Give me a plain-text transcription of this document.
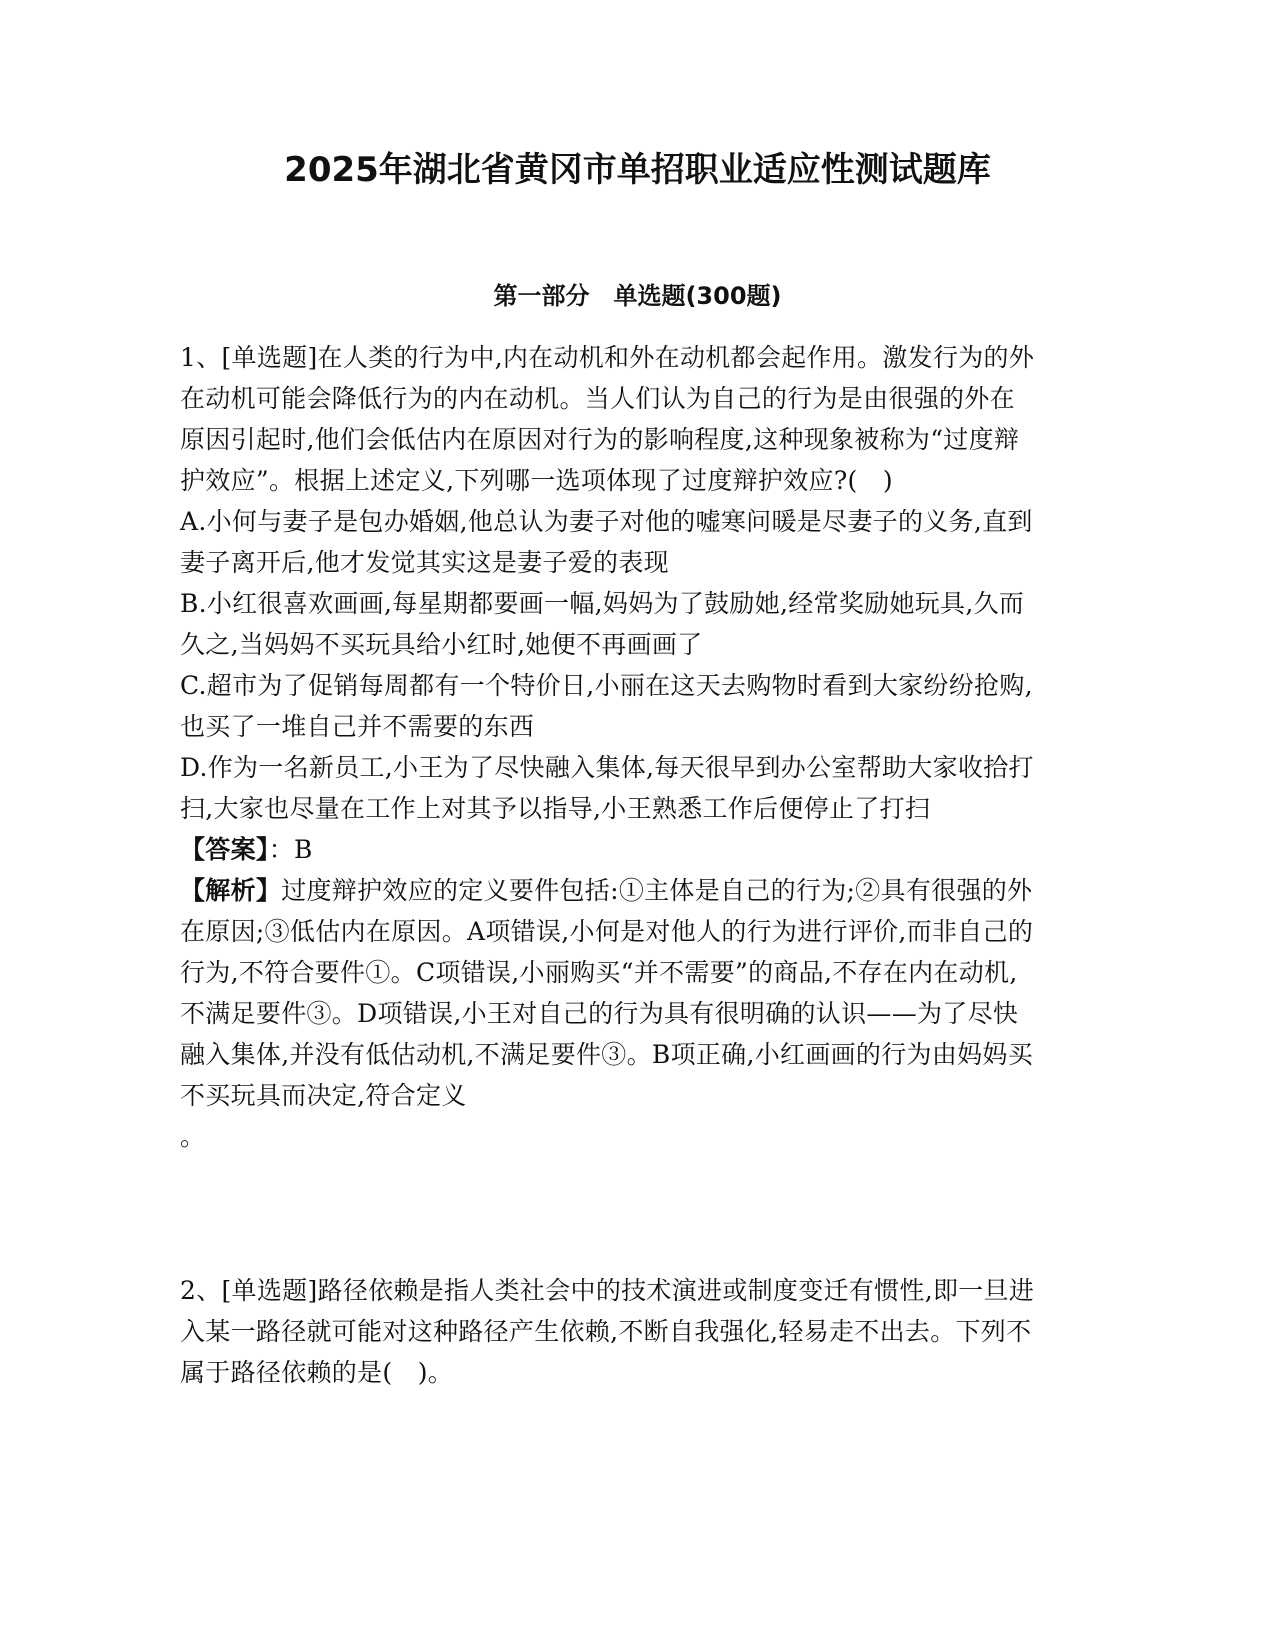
2025年湖北省黄冈市单招职业适应性测试题库
第一部分　单选题(300题)

1、[单选题]在人类的行为中,内在动机和外在动机都会起作用。激发行为的外在动机可能会降低行为的内在动机。当人们认为自己的行为是由很强的外在原因引起时,他们会低估内在原因对行为的影响程度,这种现象被称为“过度辩护效应”。根据上述定义,下列哪一选项体现了过度辩护效应?(　)

A.小何与妻子是包办婚姻,他总认为妻子对他的嘘寒问暖是尽妻子的义务,直到妻子离开后,他才发觉其实这是妻子爱的表现

B.小红很喜欢画画,每星期都要画一幅,妈妈为了鼓励她,经常奖励她玩具,久而久之,当妈妈不买玩具给小红时,她便不再画画了

C.超市为了促销每周都有一个特价日,小丽在这天去购物时看到大家纷纷抢购,也买了一堆自己并不需要的东西

D.作为一名新员工,小王为了尽快融入集体,每天很早到办公室帮助大家收拾打扫,大家也尽量在工作上对其予以指导,小王熟悉工作后便停止了打扫

【答案】：B

【解析】过度辩护效应的定义要件包括:①主体是自己的行为;②具有很强的外在原因;③低估内在原因。A项错误,小何是对他人的行为进行评价,而非自己的行为,不符合要件①。C项错误,小丽购买“并不需要”的商品,不存在内在动机,不满足要件③。D项错误,小王对自己的行为具有很明确的认识——为了尽快融入集体,并没有低估动机,不满足要件③。B项正确,小红画画的行为由妈妈买不买玩具而决定,符合定义

。

2、[单选题]路径依赖是指人类社会中的技术演进或制度变迁有惯性,即一旦进入某一路径就可能对这种路径产生依赖,不断自我强化,轻易走不出去。下列不属于路径依赖的是(　)。
